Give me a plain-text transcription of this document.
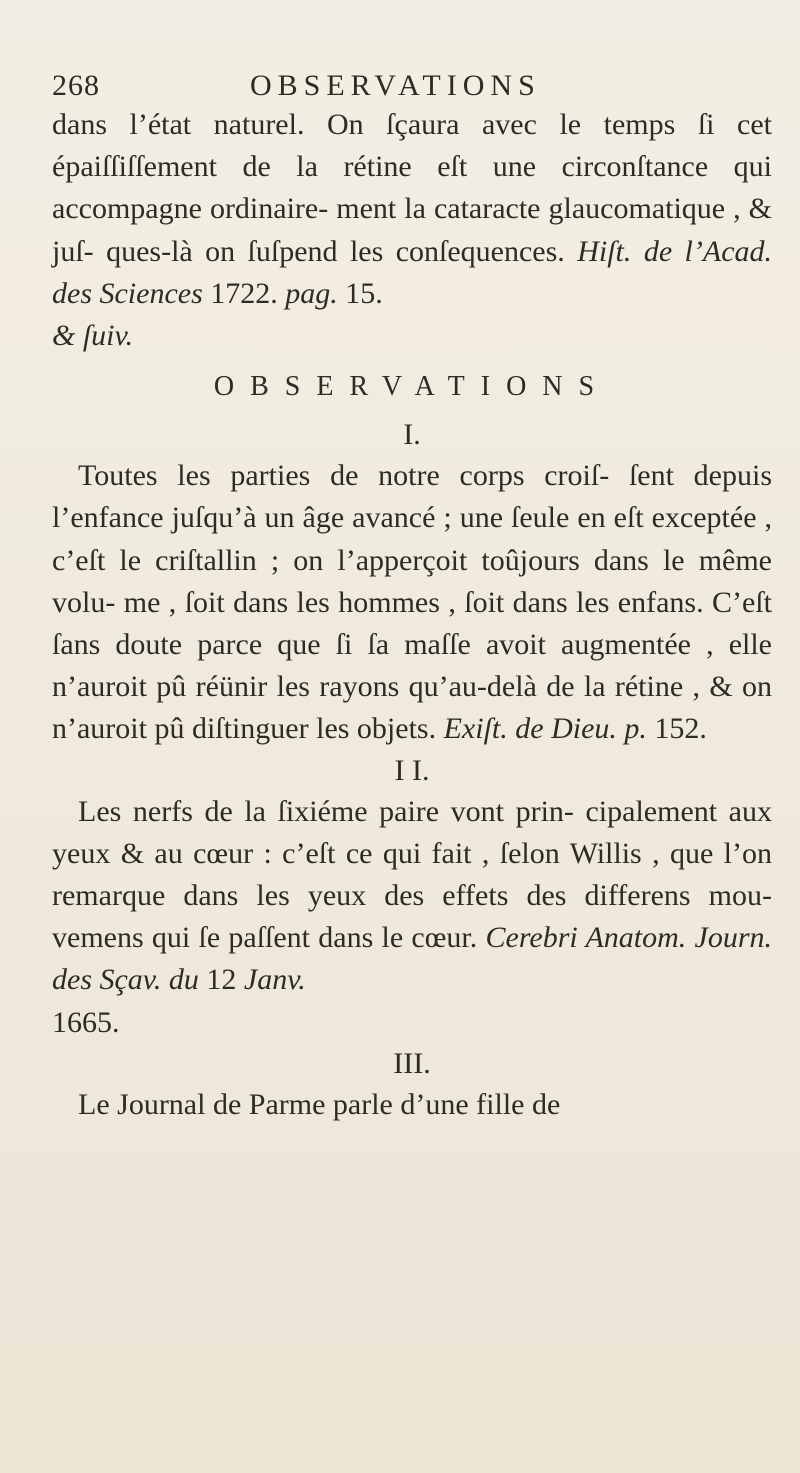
268	OBSERVATIONS

dans l’état naturel. On ſçaura avec le temps ſi cet épaiſſiſſement de la rétine eſt une circonſtance qui accompagne ordinaire- ment la cataracte glaucomatique , & juſ- ques-là on ſuſpend les conſequences. Hiſt. de l’Acad. des Sciences 1722. pag. 15.
& ſuiv.

OBSERVATIONS

I.

Toutes les parties de notre corps croiſ- ſent depuis l’enfance juſqu’à un âge avancé ; une ſeule en eſt exceptée , c’eſt le criſtallin ; on l’apperçoit toûjours dans le même volu- me , ſoit dans les hommes , ſoit dans les enfans. C’eſt ſans doute parce que ſi ſa maſſe avoit augmentée , elle n’auroit pû réünir les rayons qu’au-delà de la rétine , & on n’auroit pû diſtinguer les objets. Exiſt. de Dieu. p. 152.

I I.

Les nerfs de la ſixiéme paire vont prin- cipalement aux yeux & au cœur : c’eſt ce qui fait , ſelon Willis , que l’on remarque dans les yeux des effets des differens mou- vemens qui ſe paſſent dans le cœur. Cerebri Anatom. Journ. des Sçav. du 12 Janv.
1665.

III.

Le Journal de Parme parle d’une fille de
